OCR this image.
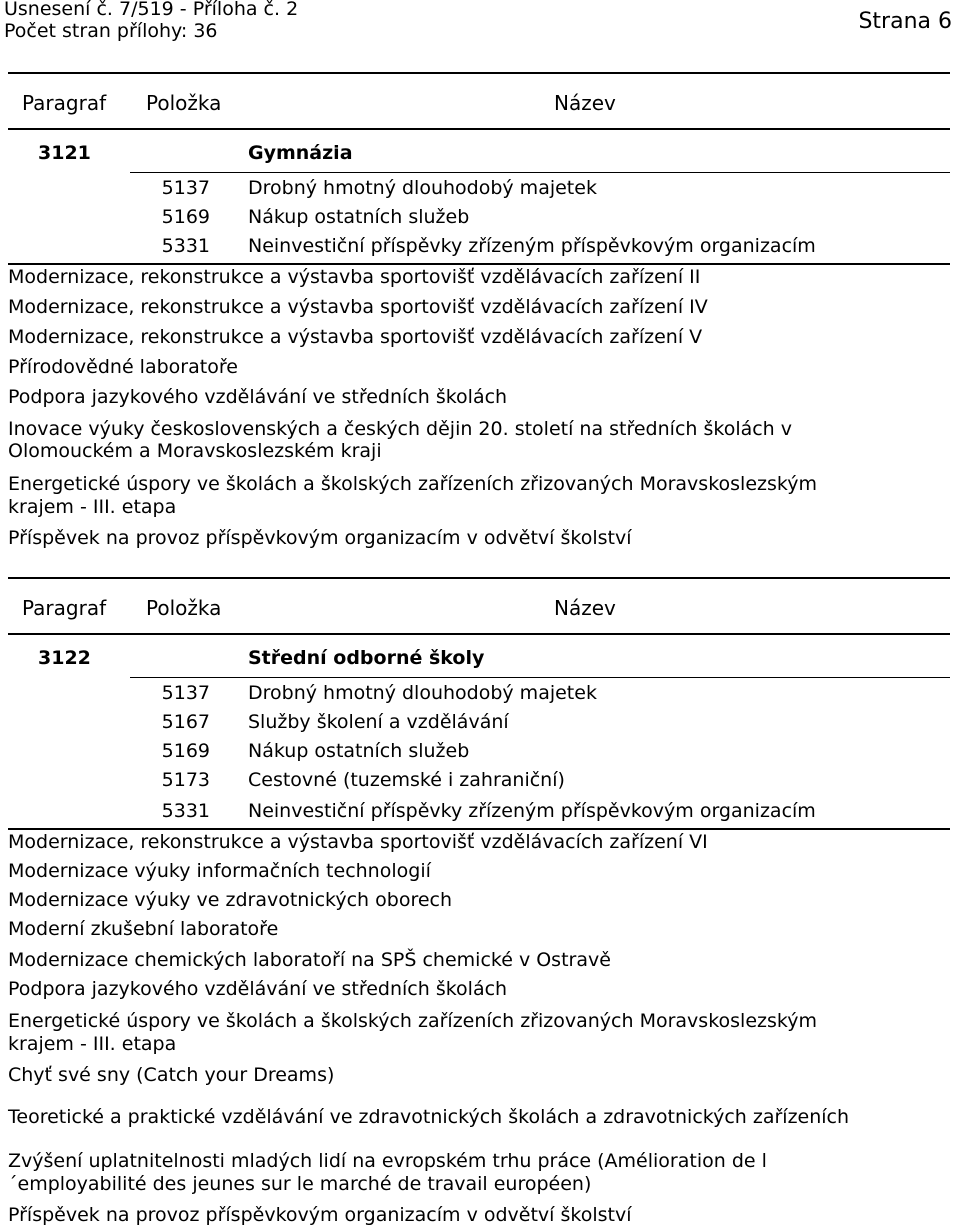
Usnesení č. 7/519 - Příloha č. 2
Počet stran přílohy: 36	Strana 6
Paragraf Položka	Název
3121	Gymnázia
5137 Drobný hmotný dlouhodobý majetek
5169 Nákup ostatních služeb
5331 Neinvestiční příspěvky zřízeným příspěvkovým organizacím
Modernizace, rekonstrukce a výstavba sportovišť vzdělávacích zařízení II
Modernizace, rekonstrukce a výstavba sportovišť vzdělávacích zařízení IV
Modernizace, rekonstrukce a výstavba sportovišť vzdělávacích zařízení V
Přírodovědné laboratoře
Podpora jazykového vzdělávání ve středních školách
Inovace výuky československých a českých dějin 20. století na středních školách v
Olomouckém a Moravskoslezském kraji
Energetické úspory ve školách a školských zařízeních zřizovaných Moravskoslezským
krajem - III. etapa
Příspěvek na provoz příspěvkovým organizacím v odvětví školství
Paragraf Položka	Název
3122	Střední odborné školy
5137 Drobný hmotný dlouhodobý majetek
5167 Služby školení a vzdělávání
5169 Nákup ostatních služeb
5173 Cestovné (tuzemské i zahraniční)
5331 Neinvestiční příspěvky zřízeným příspěvkovým organizacím
Modernizace, rekonstrukce a výstavba sportovišť vzdělávacích zařízení VI
Modernizace výuky informačních technologií
Modernizace výuky ve zdravotnických oborech
Moderní zkušební laboratoře
Modernizace chemických laboratoří na SPŠ chemické v Ostravě
Podpora jazykového vzdělávání ve středních školách
Energetické úspory ve školách a školských zařízeních zřizovaných Moravskoslezským
krajem - III. etapa
Chyť své sny (Catch your Dreams)
Teoretické a praktické vzdělávání ve zdravotnických školách a zdravotnických zařízeních
Zvýšení uplatnitelnosti mladých lidí na evropském trhu práce (Amélioration de l
´employabilité des jeunes sur le marché de travail européen)
Příspěvek na provoz příspěvkovým organizacím v odvětví školství
